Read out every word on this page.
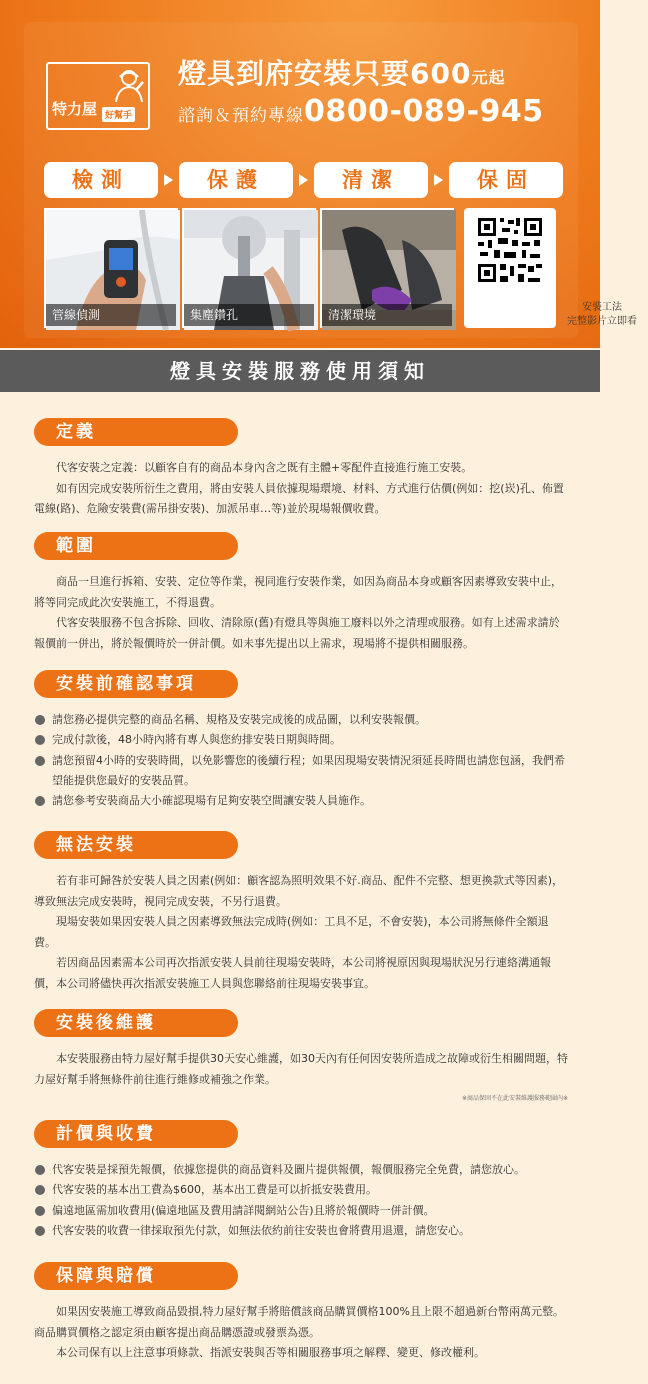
特力屋 好幫手
燈具到府安裝只要600元起
諮詢＆預約專線0800-089-945
檢測	保護	清潔	保固
管線偵測	集塵鑽孔	清潔環境
安裝工法
完整影片立即看
燈具安裝服務使用須知
定義

代客安裝之定義：以顧客自有的商品本身內含之既有主體+零配件直接進行施工安裝。

如有因完成安裝所衍生之費用，將由安裝人員依據現場環境、材料、方式進行估價(例如：挖(崁)孔、佈置電線(路)、危險安裝費(需吊掛安裝)、加派吊車…等)並於現場報價收費。

範圍

商品一旦進行拆箱、安裝、定位等作業，視同進行安裝作業，如因為商品本身或顧客因素導致安裝中止，將等同完成此次安裝施工，不得退費。

代客安裝服務不包含拆除、回收、清除原(舊)有燈具等與施工廢料以外之清理或服務。如有上述需求請於報價前一併出，將於報價時於一併計價。如未事先提出以上需求，現場將不提供相關服務。

安裝前確認事項
請您務必提供完整的商品名稱、規格及安裝完成後的成品圖，以利安裝報價。
完成付款後，48小時內將有專人與您約排安裝日期與時間。
請您預留4小時的安裝時間，以免影響您的後續行程；如果因現場安裝情況須延長時間也請您包涵，我們希望能提供您最好的安裝品質。
請您參考安裝商品大小確認現場有足夠安裝空間讓安裝人員施作。
無法安裝

若有非可歸咎於安裝人員之因素(例如：顧客認為照明效果不好.商品、配件不完整、想更換款式等因素)，導致無法完成安裝時，視同完成安裝，不另行退費。

現場安裝如果因安裝人員之因素導致無法完成時(例如：工具不足，不會安裝)，本公司將無條件全額退費。

若因商品因素需本公司再次指派安裝人員前往現場安裝時，本公司將視原因與現場狀況另行連絡溝通報價，本公司將儘快再次指派安裝施工人員與您聯絡前往現場安裝事宜。

安裝後維護

本安裝服務由特力屋好幫手提供30天安心維護，如30天內有任何因安裝所造成之故障或衍生相關問題，特力屋好幫手將無條件前往進行維修或補強之作業。

※商品保固不在此安裝維護服務範圍內※
計價與收費
代客安裝是採預先報價，依據您提供的商品資料及圖片提供報價，報價服務完全免費，請您放心。
代客安裝的基本出工費為$600，基本出工費是可以折抵安裝費用。
偏遠地區需加收費用(偏遠地區及費用請詳閱網站公告)且將於報價時一併計價。
代客安裝的收費一律採取預先付款，如無法依約前往安裝也會將費用退還，請您安心。
保障與賠償

如果因安裝施工導致商品毀損,特力屋好幫手將賠償該商品購買價格100%且上限不超過新台幣兩萬元整。商品購買價格之認定須由顧客提出商品購憑證或發票為憑。

本公司保有以上注意事項條款、指派安裝與否等相關服務事項之解釋、變更、修改權利。
